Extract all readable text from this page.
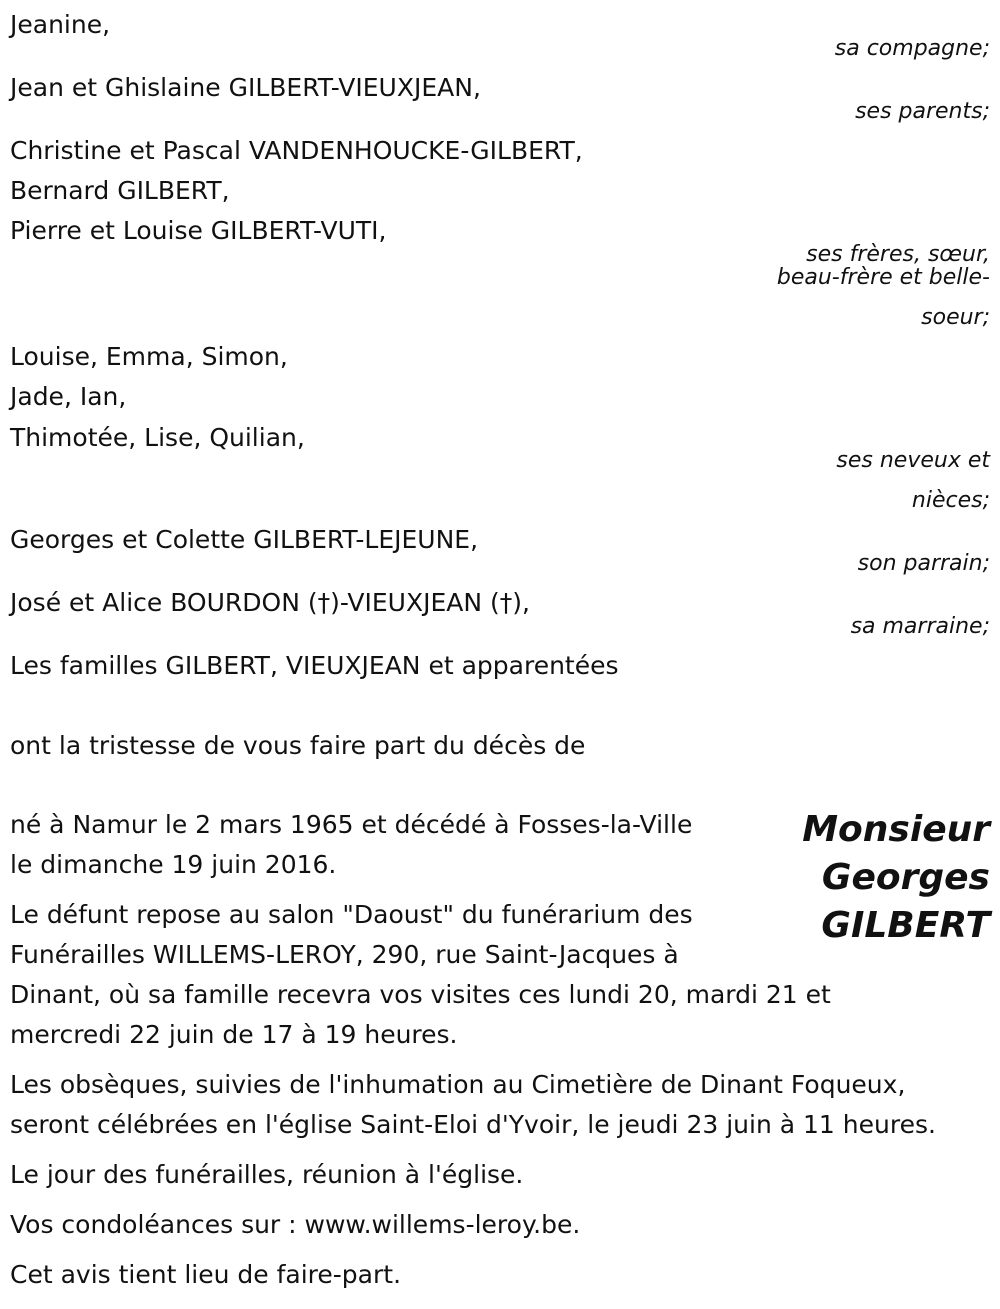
Jeanine,

sa compagne;

Jean et Ghislaine GILBERT-VIEUXJEAN,

ses parents;

Christine et Pascal VANDENHOUCKE-GILBERT,

Bernard GILBERT,

Pierre et Louise GILBERT-VUTI,

ses frères, sœur,

beau-frère et belle-

soeur;

Louise, Emma, Simon,

Jade, Ian,

Thimotée, Lise, Quilian,

ses neveux et

nièces;

Georges et Colette GILBERT-LEJEUNE,

son parrain;

José et Alice BOURDON (†)-VIEUXJEAN (†),

sa marraine;

Les familles GILBERT, VIEUXJEAN et apparentées

ont la tristesse de vous faire part du décès de

Monsieur
Georges
GILBERT

né à Namur le 2 mars 1965 et décédé à Fosses-la-Ville

le dimanche 19 juin 2016.

Le défunt repose au salon "Daoust" du funérarium des

Funérailles WILLEMS-LEROY, 290, rue Saint-Jacques à

Dinant, où sa famille recevra vos visites ces lundi 20, mardi 21 et

mercredi 22 juin de 17 à 19 heures.

Les obsèques, suivies de l'inhumation au Cimetière de Dinant Foqueux,

seront célébrées en l'église Saint-Eloi d'Yvoir, le jeudi 23 juin à 11 heures.

Le jour des funérailles, réunion à l'église.

Vos condoléances sur : www.willems-leroy.be.

Cet avis tient lieu de faire-part.
